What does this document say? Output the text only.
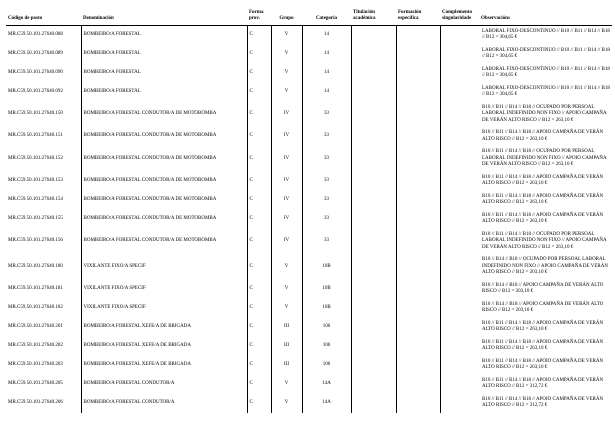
Código de posto	Denominación	Forma prov.	Grupo	Categoría	Titulación académica	Formación específica	Complemento singularidade	Observacións
MR.C59.50.101.27640.088	BOMBEIRO/A FORESTAL	C	V	14				LABORAL FIXO-DESCONTINUO // B10 // B11 // B14 // B18 // B12 = 304,65 €
MR.C59.50.101.27640.089	BOMBEIRO/A FORESTAL	C	V	14				LABORAL FIXO-DESCONTINUO // B10 // B11 // B14 // B18 // B12 = 304,65 €
MR.C59.50.101.27640.090	BOMBEIRO/A FORESTAL	C	V	14				LABORAL FIXO-DESCONTINUO // B10 // B11 // B14 // B18 // B12 = 304,65 €
MR.C59.50.101.27640.092	BOMBEIRO/A FORESTAL	C	V	14				LABORAL FIXO-DESCONTINUO // B10 // B11 // B14 // B18 // B12 = 304,65 €
MR.C59.50.101.27640.150	BOMBEIRO/A FORESTAL CONDUTOR/A DE MOTOBOMBA	C	IV	33				B10 // B11 // B14 // B18 // OCUPADO POR PERSOAL LABORAL INDEFINIDO NON FIXO // APOIO CAMPAÑA DE VERÁN ALTO RISCO // B12 = 263,10 €
MR.C59.50.101.27640.151	BOMBEIRO/A FORESTAL CONDUTOR/A DE MOTOBOMBA	C	IV	33				B10 // B11 // B14 // B18 // APOIO CAMPAÑA DE VERÁN ALTO RISCO // B12 = 263,10 €
MR.C59.50.101.27640.152	BOMBEIRO/A FORESTAL CONDUTOR/A DE MOTOBOMBA	C	IV	33				B10 // B11 // B14 // B18 // OCUPADO POR PERSOAL LABORAL INDEFINIDO NON FIXO // APOIO CAMPAÑA DE VERÁN ALTO RISCO // B12 = 263,10 €
MR.C59.50.101.27640.153	BOMBEIRO/A FORESTAL CONDUTOR/A DE MOTOBOMBA	C	IV	33				B10 // B11 // B14 // B18 // APOIO CAMPAÑA DE VERÁN ALTO RISCO // B12 = 263,10 €
MR.C59.50.101.27640.154	BOMBEIRO/A FORESTAL CONDUTOR/A DE MOTOBOMBA	C	IV	33				B10 // B11 // B14 // B18 // APOIO CAMPAÑA DE VERÁN ALTO RISCO // B12 = 263,10 €
MR.C59.50.101.27640.155	BOMBEIRO/A FORESTAL CONDUTOR/A DE MOTOBOMBA	C	IV	33				B10 // B11 // B14 // B18 // APOIO CAMPAÑA DE VERÁN ALTO RISCO // B12 = 263,10 €
MR.C59.50.101.27640.156	BOMBEIRO/A FORESTAL CONDUTOR/A DE MOTOBOMBA	C	IV	33				B10 // B11 // B14 // B18 // OCUPADO POR PERSOAL LABORAL INDEFINIDO NON FIXO // APOIO CAMPAÑA DE VERÁN ALTO RISCO // B12 = 263,10 €
MR.C59.50.101.27640.180	VIXILANTE FIXO/A SPECIF	C	V	10B				B10 // B14 // B18 // OCUPADO POR PERSOAL LABORAL INDEFINIDO NON FIXO // APOIO CAMPAÑA DE VERÁN ALTO RISCO // B12 = 203,10 €
MR.C59.50.101.27640.181	VIXILANTE FIXO/A SPECIF	C	V	10B				B10 // B14 // B18 // APOIO CAMPAÑA DE VERÁN ALTO RISCO // B12 = 203,10 €
MR.C59.50.101.27640.182	VIXILANTE FIXO/A SPECIF	C	V	10B				B10 // B14 // B18 // APOIO CAMPAÑA DE VERÁN ALTO RISCO // B12 = 203,10 €
MR.C59.50.101.27640.201	BOMBEIRO/A FORESTAL XEFE/A DE BRIGADA	C	III	106				B10 // B11 // B14 // B18 // APOIO CAMPAÑA DE VERÁN ALTO RISCO // B12 = 263,10 €
MR.C59.50.101.27640.202	BOMBEIRO/A FORESTAL XEFE/A DE BRIGADA	C	III	106				B10 // B11 // B14 // B18 // APOIO CAMPAÑA DE VERÁN ALTO RISCO // B12 = 263,10 €
MR.C59.50.101.27640.203	BOMBEIRO/A FORESTAL XEFE/A DE BRIGADA	C	III	106				B10 // B11 // B14 // B18 // APOIO CAMPAÑA DE VERÁN ALTO RISCO // B12 = 263,10 €
MR.C59.50.101.27640.205	BOMBEIRO/A FORESTAL CONDUTOR/A	C	V	14A				B10 // B11 // B14 // B18 // APOIO CAMPAÑA DE VERÁN ALTO RISCO // B12 = 312,72 €
MR.C59.50.101.27640.206	BOMBEIRO/A FORESTAL CONDUTOR/A	C	V	14A				B10 // B11 // B14 // B18 // APOIO CAMPAÑA DE VERÁN ALTO RISCO // B12 = 312,72 €
